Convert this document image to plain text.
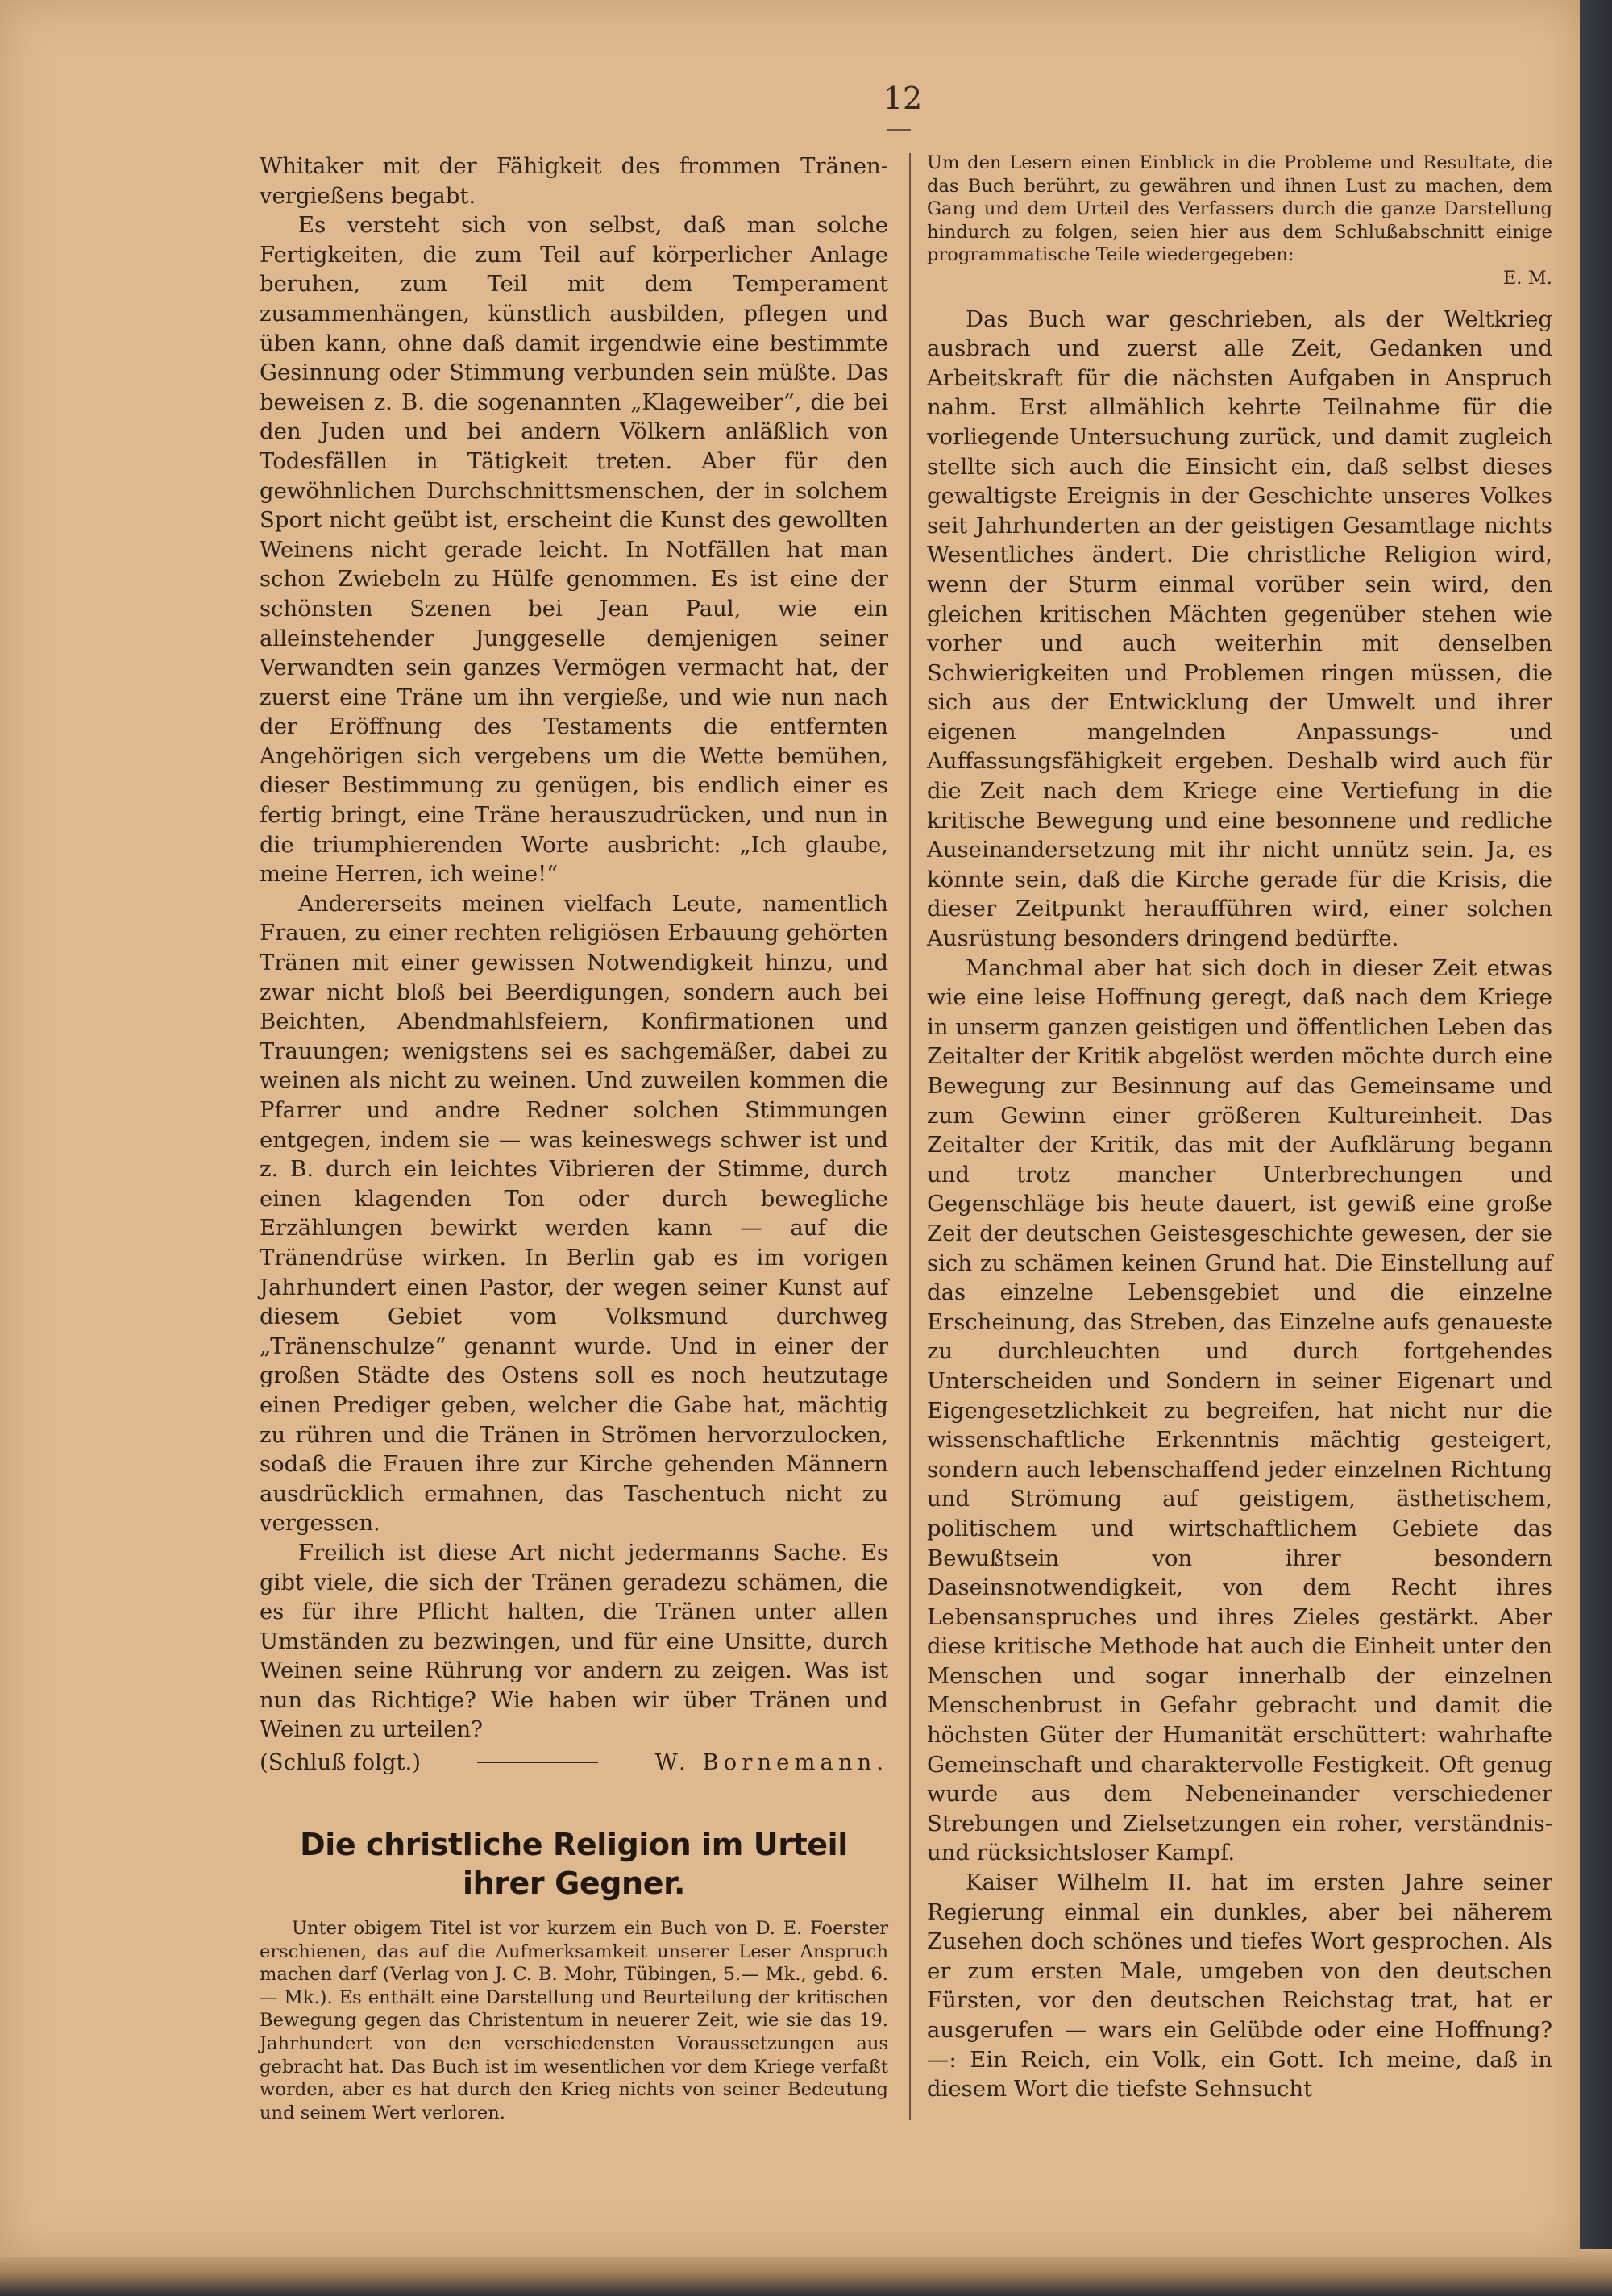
12

Whitaker mit der Fähigkeit des frommen Tränen-vergießens begabt.

Es versteht sich von selbst, daß man solche Fertigkeiten, die zum Teil auf körperlicher Anlage beruhen, zum Teil mit dem Temperament zusammenhängen, künstlich ausbilden, pflegen und üben kann, ohne daß damit irgendwie eine bestimmte Gesinnung oder Stimmung verbunden sein müßte. Das beweisen z. B. die sogenannten „Klageweiber“, die bei den Juden und bei andern Völkern anläßlich von Todesfällen in Tätigkeit treten. Aber für den gewöhnlichen Durchschnittsmenschen, der in solchem Sport nicht geübt ist, erscheint die Kunst des gewollten Weinens nicht gerade leicht. In Notfällen hat man schon Zwiebeln zu Hülfe genommen. Es ist eine der schönsten Szenen bei Jean Paul, wie ein alleinstehender Junggeselle demjenigen seiner Verwandten sein ganzes Vermögen vermacht hat, der zuerst eine Träne um ihn vergieße, und wie nun nach der Eröffnung des Testaments die entfernten Angehörigen sich vergebens um die Wette bemühen, dieser Bestimmung zu genügen, bis endlich einer es fertig bringt, eine Träne herauszudrücken, und nun in die triumphierenden Worte ausbricht: „Ich glaube, meine Herren, ich weine!“

Andererseits meinen vielfach Leute, namentlich Frauen, zu einer rechten religiösen Erbauung gehörten Tränen mit einer gewissen Notwendigkeit hinzu, und zwar nicht bloß bei Beerdigungen, sondern auch bei Beichten, Abendmahlsfeiern, Konfirmationen und Trauungen; wenigstens sei es sachgemäßer, dabei zu weinen als nicht zu weinen. Und zuweilen kommen die Pfarrer und andre Redner solchen Stimmungen entgegen, indem sie — was keineswegs schwer ist und z. B. durch ein leichtes Vibrieren der Stimme, durch einen klagenden Ton oder durch bewegliche Erzählungen bewirkt werden kann — auf die Tränendrüse wirken. In Berlin gab es im vorigen Jahrhundert einen Pastor, der wegen seiner Kunst auf diesem Gebiet vom Volksmund durchweg „Tränenschulze“ genannt wurde. Und in einer der großen Städte des Ostens soll es noch heutzutage einen Prediger geben, welcher die Gabe hat, mächtig zu rühren und die Tränen in Strömen hervorzulocken, sodaß die Frauen ihre zur Kirche gehenden Männern ausdrücklich ermahnen, das Taschentuch nicht zu vergessen.

Freilich ist diese Art nicht jedermanns Sache. Es gibt viele, die sich der Tränen geradezu schämen, die es für ihre Pflicht halten, die Tränen unter allen Umständen zu bezwingen, und für eine Unsitte, durch Weinen seine Rührung vor andern zu zeigen. Was ist nun das Richtige? Wie haben wir über Tränen und Weinen zu urteilen?

(Schluß folgt.)	W. Bornemann.
Die christliche Religion im Urteil ihrer Gegner.

Unter obigem Titel ist vor kurzem ein Buch von D. E. Foerster erschienen, das auf die Aufmerksamkeit unserer Leser Anspruch machen darf (Verlag von J. C. B. Mohr, Tübingen, 5.— Mk., gebd. 6.— Mk.). Es enthält eine Darstellung und Beurteilung der kritischen Bewegung gegen das Christentum in neuerer Zeit, wie sie das 19. Jahrhundert von den verschiedensten Voraussetzungen aus gebracht hat. Das Buch ist im wesentlichen vor dem Kriege verfaßt worden, aber es hat durch den Krieg nichts von seiner Bedeutung und seinem Wert verloren.

Um den Lesern einen Einblick in die Probleme und Resultate, die das Buch berührt, zu gewähren und ihnen Lust zu machen, dem Gang und dem Urteil des Verfassers durch die ganze Darstellung hindurch zu folgen, seien hier aus dem Schlußabschnitt einige programmatische Teile wiedergegeben:
E. M.

Das Buch war geschrieben, als der Weltkrieg ausbrach und zuerst alle Zeit, Gedanken und Arbeitskraft für die nächsten Aufgaben in Anspruch nahm. Erst allmählich kehrte Teilnahme für die vorliegende Untersuchung zurück, und damit zugleich stellte sich auch die Einsicht ein, daß selbst dieses gewaltigste Ereignis in der Geschichte unseres Volkes seit Jahrhunderten an der geistigen Gesamtlage nichts Wesentliches ändert. Die christliche Religion wird, wenn der Sturm einmal vorüber sein wird, den gleichen kritischen Mächten gegenüber stehen wie vorher und auch weiterhin mit denselben Schwierigkeiten und Problemen ringen müssen, die sich aus der Entwicklung der Umwelt und ihrer eigenen mangelnden Anpassungs- und Auffassungsfähigkeit ergeben. Deshalb wird auch für die Zeit nach dem Kriege eine Vertiefung in die kritische Bewegung und eine besonnene und redliche Auseinandersetzung mit ihr nicht unnütz sein. Ja, es könnte sein, daß die Kirche gerade für die Krisis, die dieser Zeitpunkt heraufführen wird, einer solchen Ausrüstung besonders dringend bedürfte.

Manchmal aber hat sich doch in dieser Zeit etwas wie eine leise Hoffnung geregt, daß nach dem Kriege in unserm ganzen geistigen und öffentlichen Leben das Zeitalter der Kritik abgelöst werden möchte durch eine Bewegung zur Besinnung auf das Gemeinsame und zum Gewinn einer größeren Kultureinheit. Das Zeitalter der Kritik, das mit der Aufklärung begann und trotz mancher Unterbrechungen und Gegenschläge bis heute dauert, ist gewiß eine große Zeit der deutschen Geistesgeschichte gewesen, der sie sich zu schämen keinen Grund hat. Die Einstellung auf das einzelne Lebensgebiet und die einzelne Erscheinung, das Streben, das Einzelne aufs genaueste zu durchleuchten und durch fortgehendes Unterscheiden und Sondern in seiner Eigenart und Eigengesetzlichkeit zu begreifen, hat nicht nur die wissenschaftliche Erkenntnis mächtig gesteigert, sondern auch lebenschaffend jeder einzelnen Richtung und Strömung auf geistigem, ästhetischem, politischem und wirtschaftlichem Gebiete das Bewußtsein von ihrer besondern Daseinsnotwendigkeit, von dem Recht ihres Lebensanspruches und ihres Zieles gestärkt. Aber diese kritische Methode hat auch die Einheit unter den Menschen und sogar innerhalb der einzelnen Menschenbrust in Gefahr gebracht und damit die höchsten Güter der Humanität erschüttert: wahrhafte Gemeinschaft und charaktervolle Festigkeit. Oft genug wurde aus dem Nebeneinander verschiedener Strebungen und Zielsetzungen ein roher, verständnis- und rücksichtsloser Kampf.

Kaiser Wilhelm II. hat im ersten Jahre seiner Regierung einmal ein dunkles, aber bei näherem Zusehen doch schönes und tiefes Wort gesprochen. Als er zum ersten Male, umgeben von den deutschen Fürsten, vor den deutschen Reichstag trat, hat er ausgerufen — wars ein Gelübde oder eine Hoffnung? —: Ein Reich, ein Volk, ein Gott. Ich meine, daß in diesem Wort die tiefste Sehnsucht
